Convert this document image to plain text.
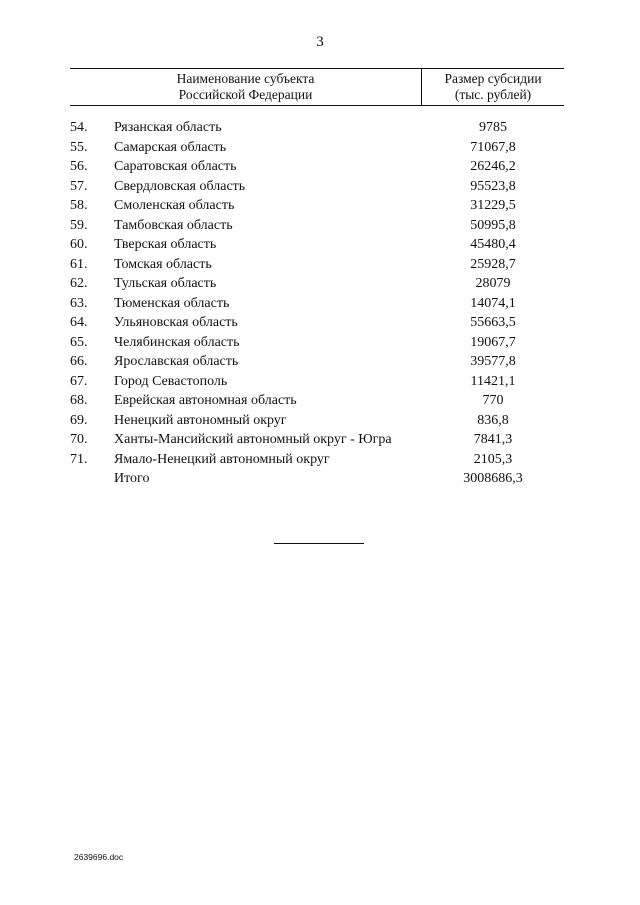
3
Наименование субъекта
Российской Федерации
Размер субсидии
(тыс. рублей)
54.	Рязанская область	9785
55.	Самарская область	71067,8
56.	Саратовская область	26246,2
57.	Свердловская область	95523,8
58.	Смоленская область	31229,5
59.	Тамбовская область	50995,8
60.	Тверская область	45480,4
61.	Томская область	25928,7
62.	Тульская область	28079
63.	Тюменская область	14074,1
64.	Ульяновская область	55663,5
65.	Челябинская область	19067,7
66.	Ярославская область	39577,8
67.	Город Севастополь	11421,1
68.	Еврейская автономная область	770
69.	Ненецкий автономный округ	836,8
70.	Ханты-Мансийский автономный округ - Югра	7841,3
71.	Ямало-Ненецкий автономный округ	2105,3
Итого	3008686,3
2639696.doc
